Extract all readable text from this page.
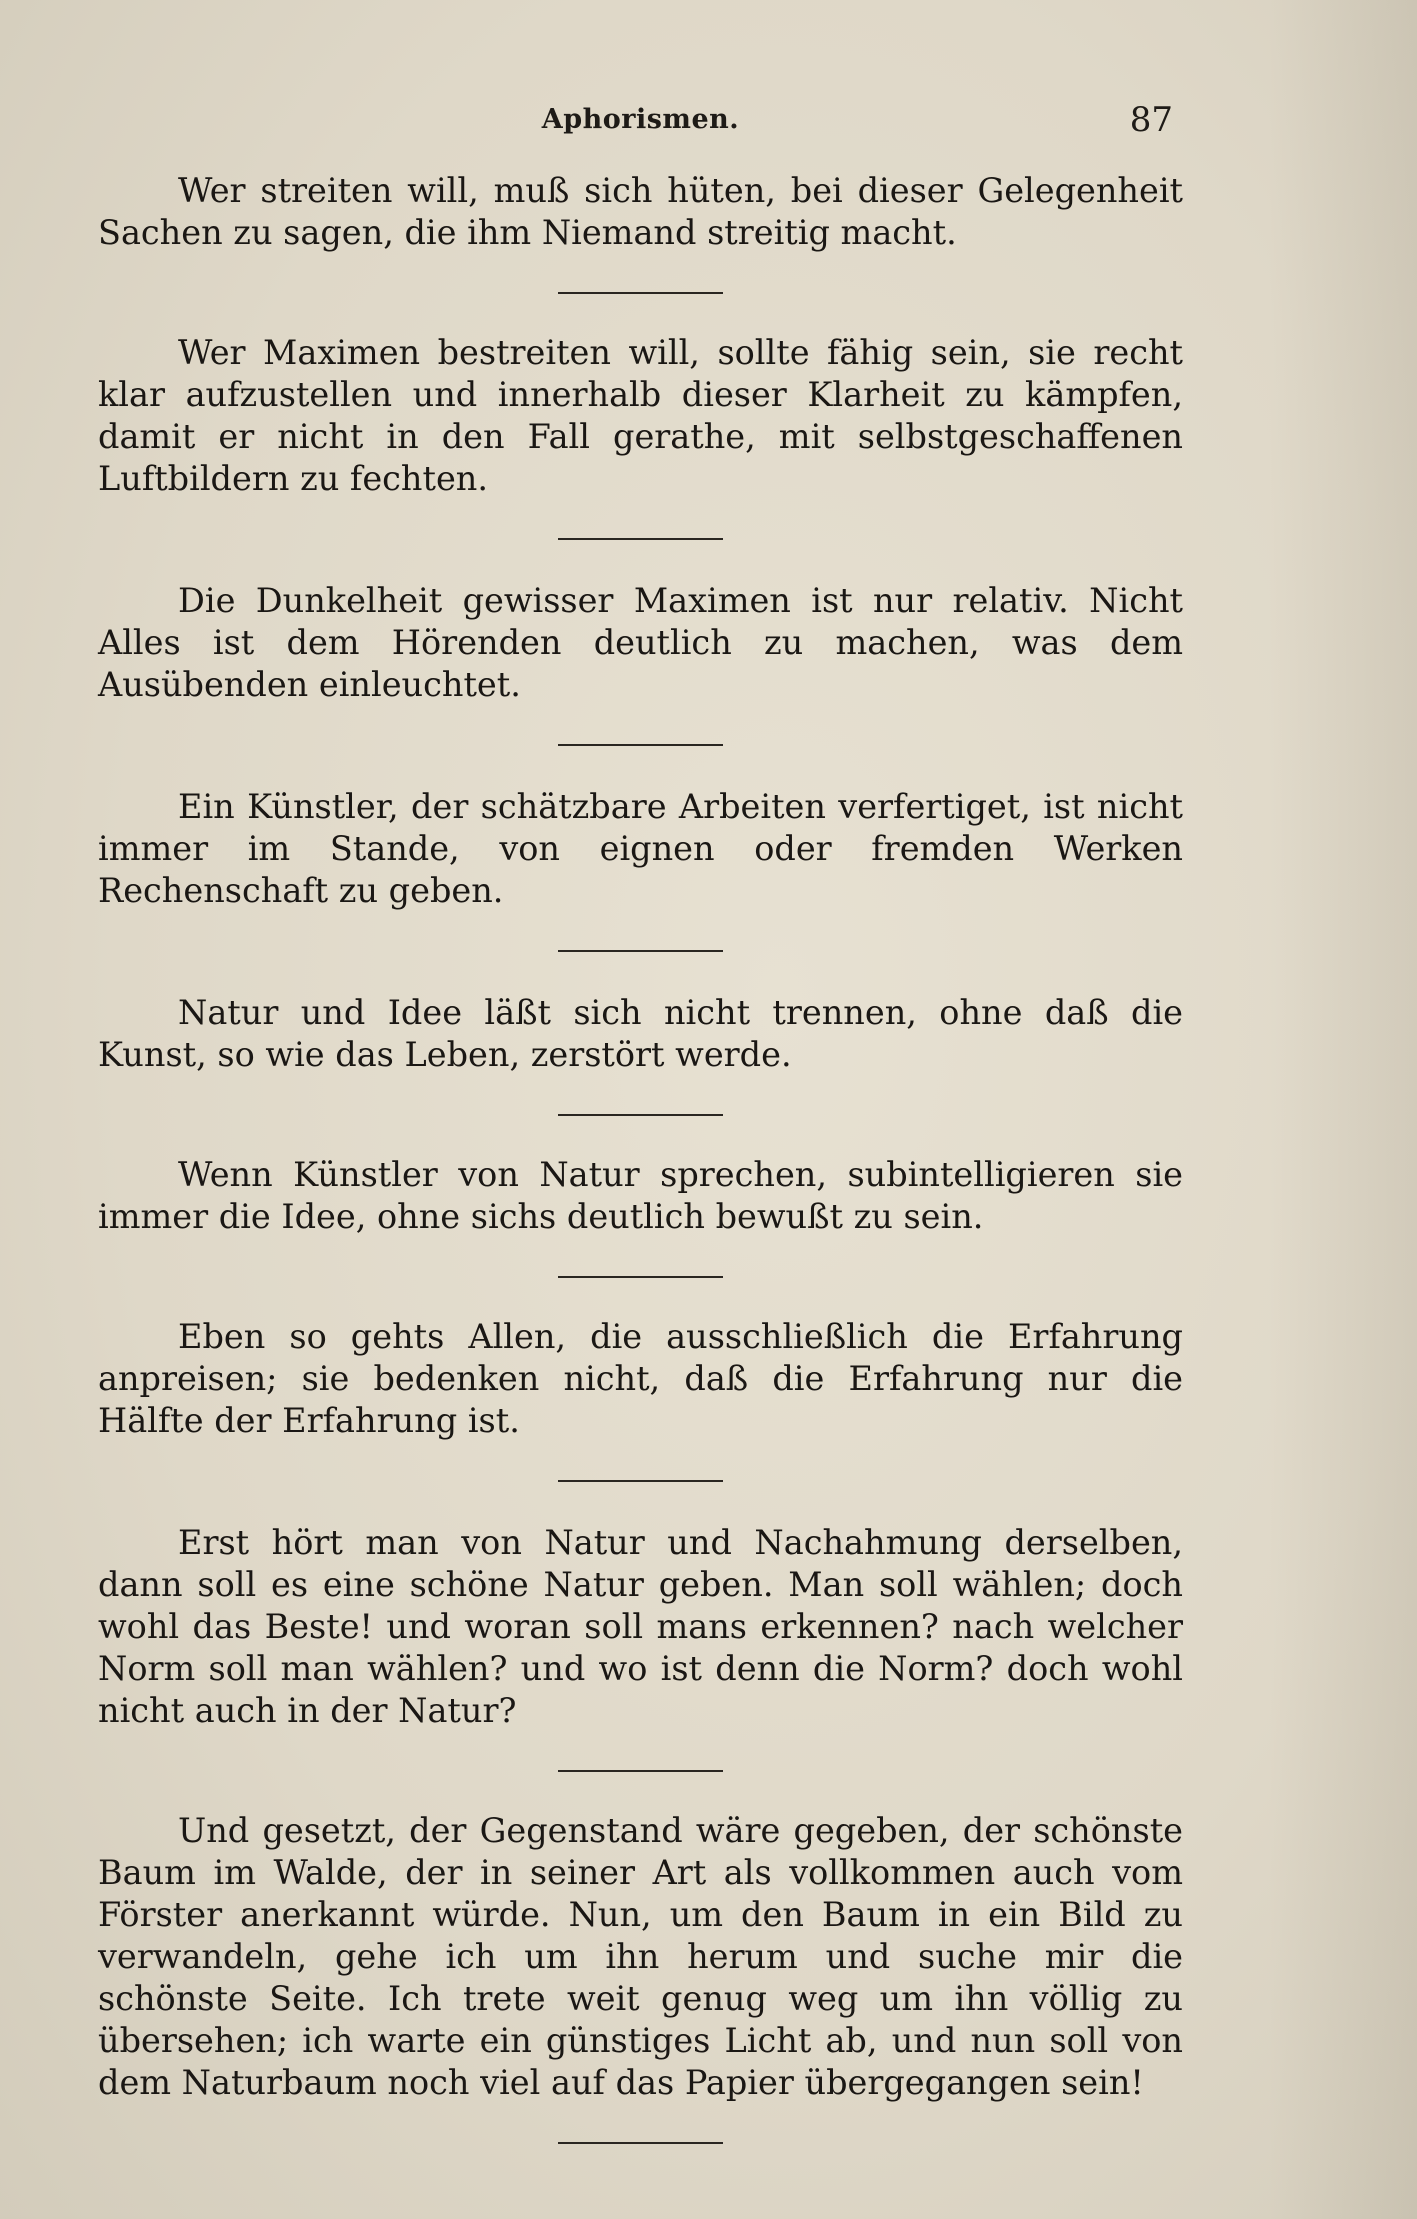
Aphorismen.	87

Wer streiten will, muß sich hüten, bei dieser Gelegenheit Sachen zu sagen, die ihm Niemand streitig macht.

Wer Maximen bestreiten will, sollte fähig sein, sie recht klar aufzustellen und innerhalb dieser Klarheit zu kämpfen, damit er nicht in den Fall gerathe, mit selbstgeschaffenen Luftbildern zu fechten.

Die Dunkelheit gewisser Maximen ist nur relativ. Nicht Alles ist dem Hörenden deutlich zu machen, was dem Ausübenden einleuchtet.

Ein Künstler, der schätzbare Arbeiten verfertiget, ist nicht immer im Stande, von eignen oder fremden Werken Rechenschaft zu geben.

Natur und Idee läßt sich nicht trennen, ohne daß die Kunst, so wie das Leben, zerstört werde.

Wenn Künstler von Natur sprechen, subintelligieren sie immer die Idee, ohne sichs deutlich bewußt zu sein.

Eben so gehts Allen, die ausschließlich die Erfahrung anpreisen; sie bedenken nicht, daß die Erfahrung nur die Hälfte der Erfahrung ist.

Erst hört man von Natur und Nachahmung derselben, dann soll es eine schöne Natur geben. Man soll wählen; doch wohl das Beste! und woran soll mans erkennen? nach welcher Norm soll man wählen? und wo ist denn die Norm? doch wohl nicht auch in der Natur?

Und gesetzt, der Gegenstand wäre gegeben, der schönste Baum im Walde, der in seiner Art als vollkommen auch vom Förster anerkannt würde. Nun, um den Baum in ein Bild zu verwandeln, gehe ich um ihn herum und suche mir die schönste Seite. Ich trete weit genug weg um ihn völlig zu übersehen; ich warte ein günstiges Licht ab, und nun soll von dem Naturbaum noch viel auf das Papier übergegangen sein!
